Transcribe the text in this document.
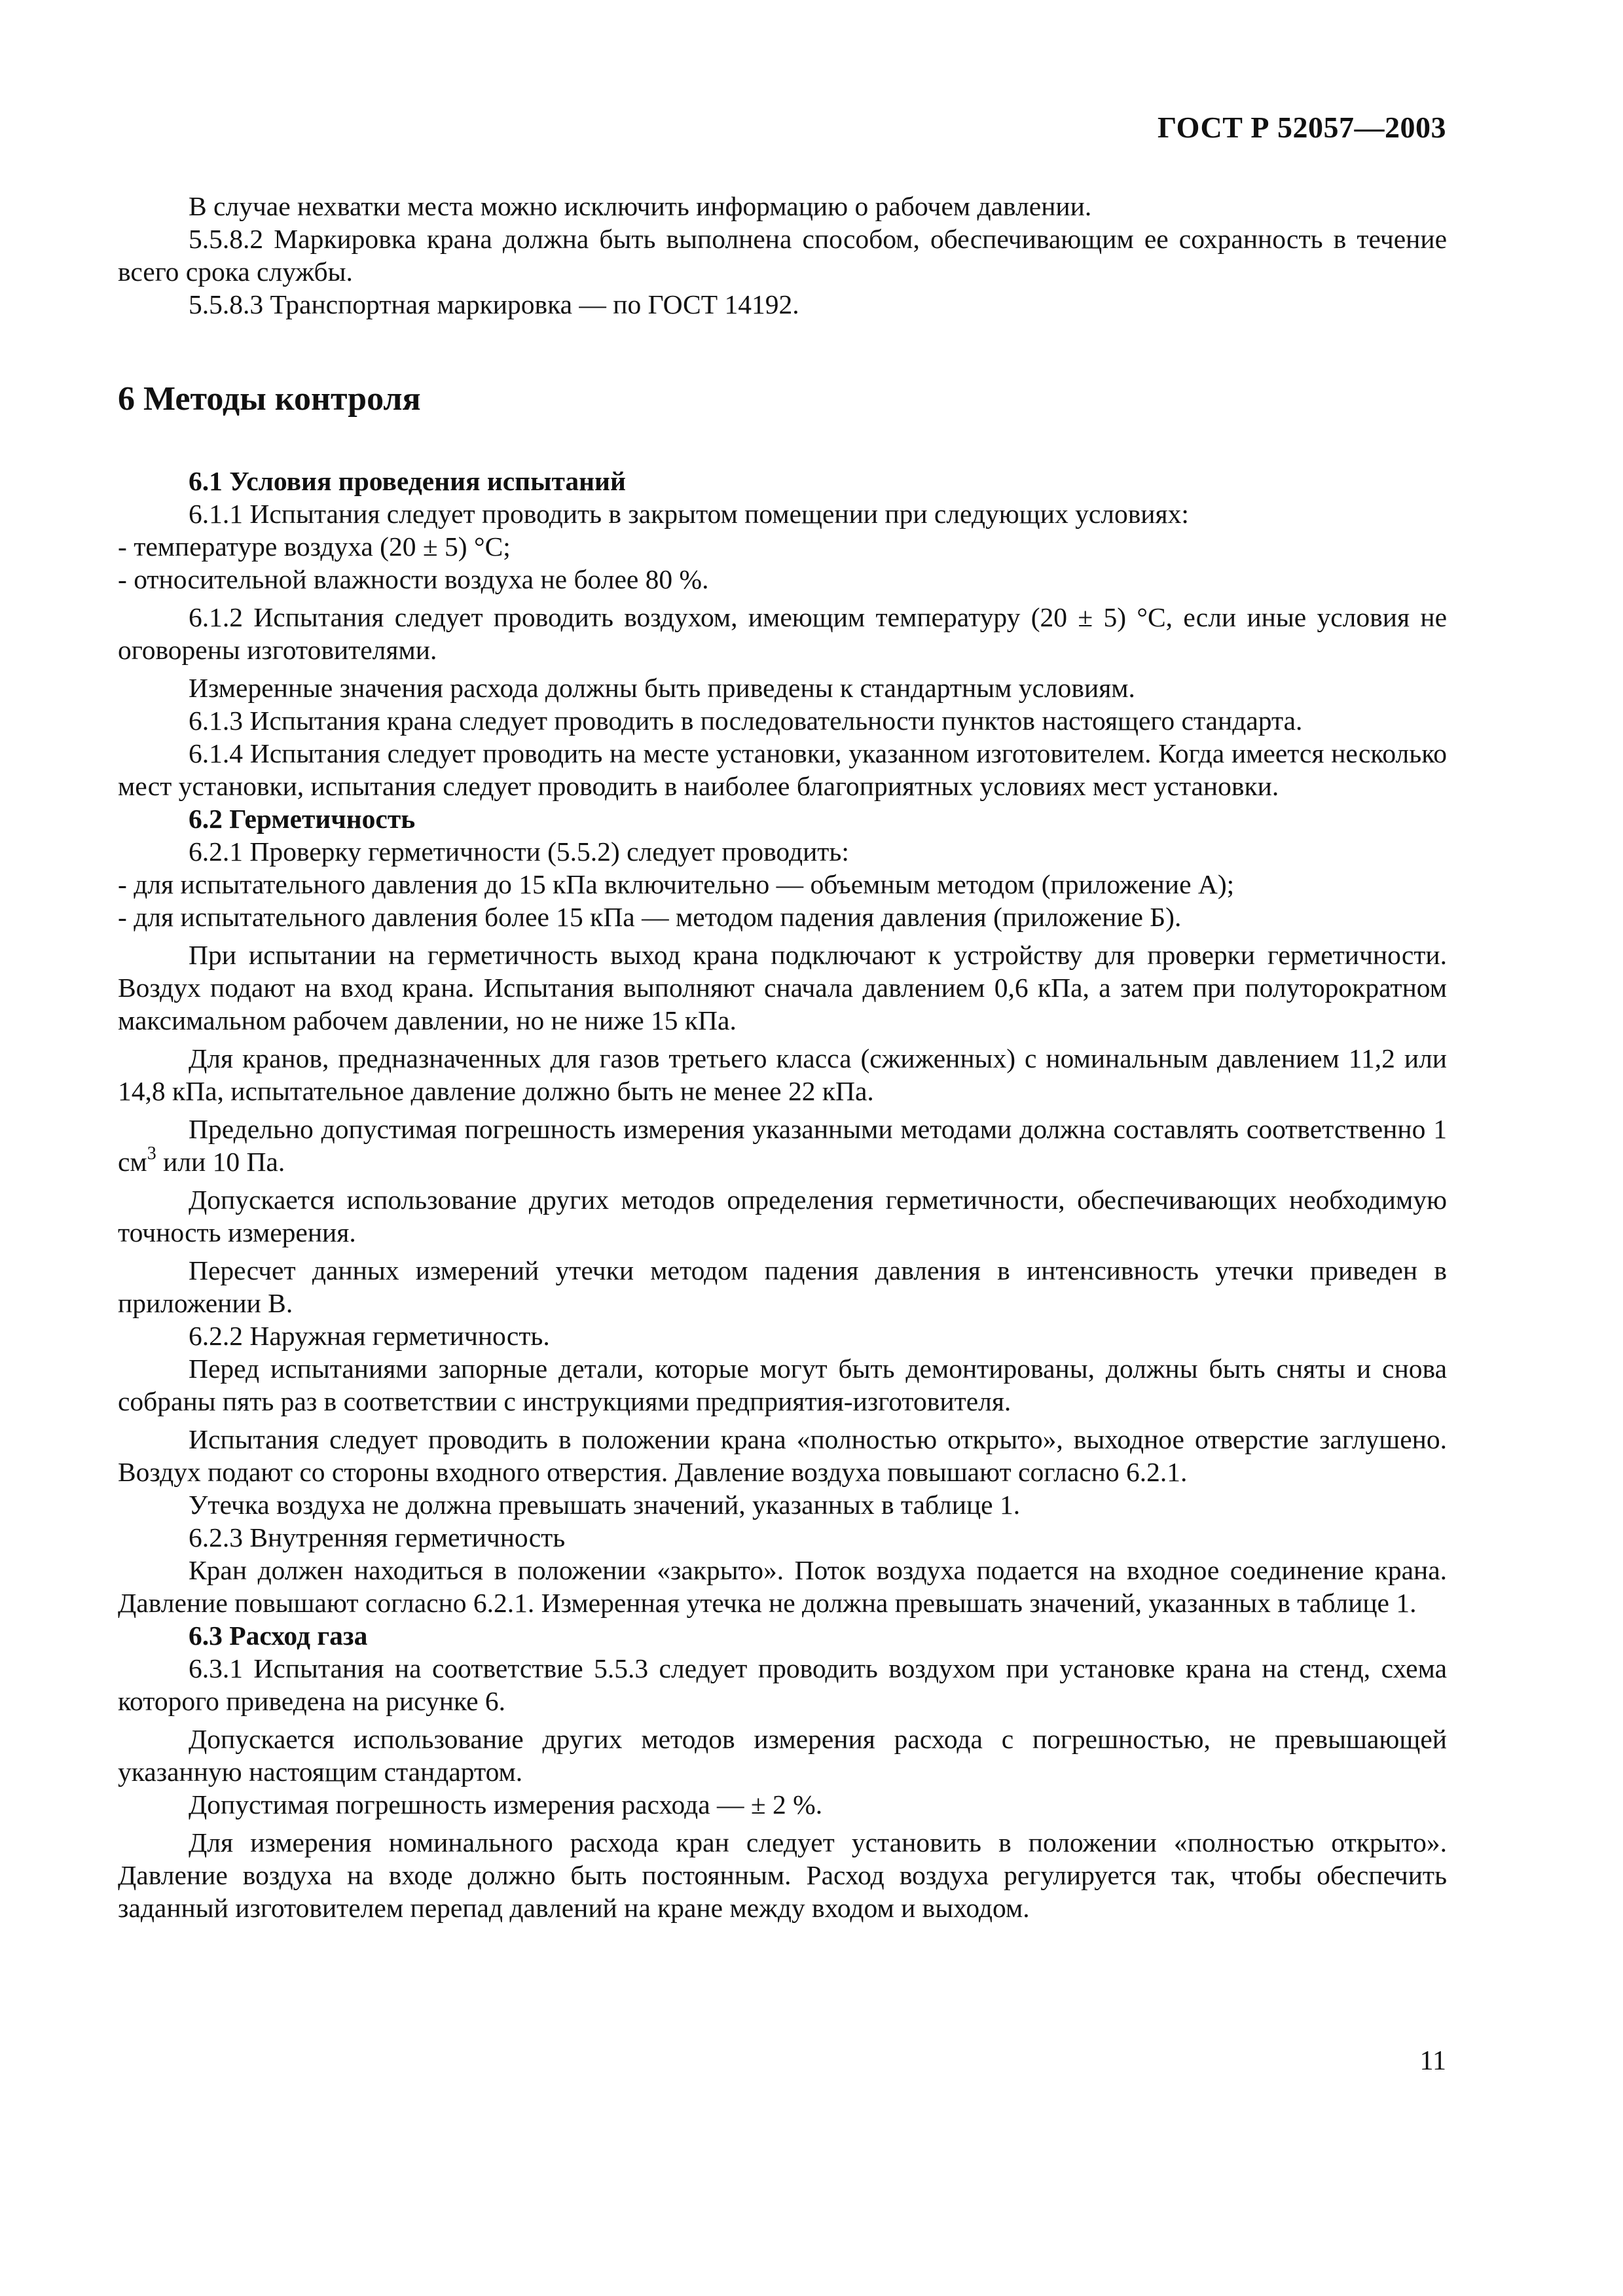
ГОСТ Р 52057—2003

В случае нехватки места можно исключить информацию о рабочем давлении.

5.5.8.2 Маркировка крана должна быть выполнена способом, обеспечивающим ее сохранность в течение всего срока службы.

5.5.8.3 Транспортная маркировка — по ГОСТ 14192.

6 Методы контроля

6.1 Условия проведения испытаний

6.1.1 Испытания следует проводить в закрытом помещении при следующих условиях:

- температуре воздуха (20 ± 5) °С;

- относительной влажности воздуха не более 80 %.

6.1.2 Испытания следует проводить воздухом, имеющим температуру (20 ± 5) °С, если иные условия не оговорены изготовителями.

Измеренные значения расхода должны быть приведены к стандартным условиям.

6.1.3 Испытания крана следует проводить в последовательности пунктов настоящего стандарта.

6.1.4 Испытания следует проводить на месте установки, указанном изготовителем. Когда имеется несколько мест установки, испытания следует проводить в наиболее благоприятных условиях мест установки.

6.2 Герметичность

6.2.1 Проверку герметичности (5.5.2) следует проводить:

- для испытательного давления до 15 кПа включительно — объемным методом (приложение А);

- для испытательного давления более 15 кПа — методом падения давления (приложение Б).

При испытании на герметичность выход крана подключают к устройству для проверки герметичности. Воздух подают на вход крана. Испытания выполняют сначала давлением 0,6 кПа, а затем при полуторократном максимальном рабочем давлении, но не ниже 15 кПа.

Для кранов, предназначенных для газов третьего класса (сжиженных) с номинальным давлением 11,2 или 14,8 кПа, испытательное давление должно быть не менее 22 кПа.

Предельно допустимая погрешность измерения указанными методами должна составлять соответственно 1 $см^3$ или 10 Па.

Допускается использование других методов определения герметичности, обеспечивающих необходимую точность измерения.

Пересчет данных измерений утечки методом падения давления в интенсивность утечки приведен в приложении В.

6.2.2 Наружная герметичность.

Перед испытаниями запорные детали, которые могут быть демонтированы, должны быть сняты и снова собраны пять раз в соответствии с инструкциями предприятия-изготовителя.

Испытания следует проводить в положении крана «полностью открыто», выходное отверстие заглушено. Воздух подают со стороны входного отверстия. Давление воздуха повышают согласно 6.2.1.

Утечка воздуха не должна превышать значений, указанных в таблице 1.

6.2.3 Внутренняя герметичность

Кран должен находиться в положении «закрыто». Поток воздуха подается на входное соединение крана. Давление повышают согласно 6.2.1. Измеренная утечка не должна превышать значений, указанных в таблице 1.

6.3 Расход газа

6.3.1 Испытания на соответствие 5.5.3 следует проводить воздухом при установке крана на стенд, схема которого приведена на рисунке 6.

Допускается использование других методов измерения расхода с погрешностью, не превышающей указанную настоящим стандартом.

Допустимая погрешность измерения расхода — ± 2 %.

Для измерения номинального расхода кран следует установить в положении «полностью открыто». Давление воздуха на входе должно быть постоянным. Расход воздуха регулируется так, чтобы обеспечить заданный изготовителем перепад давлений на кране между входом и выходом.

11
